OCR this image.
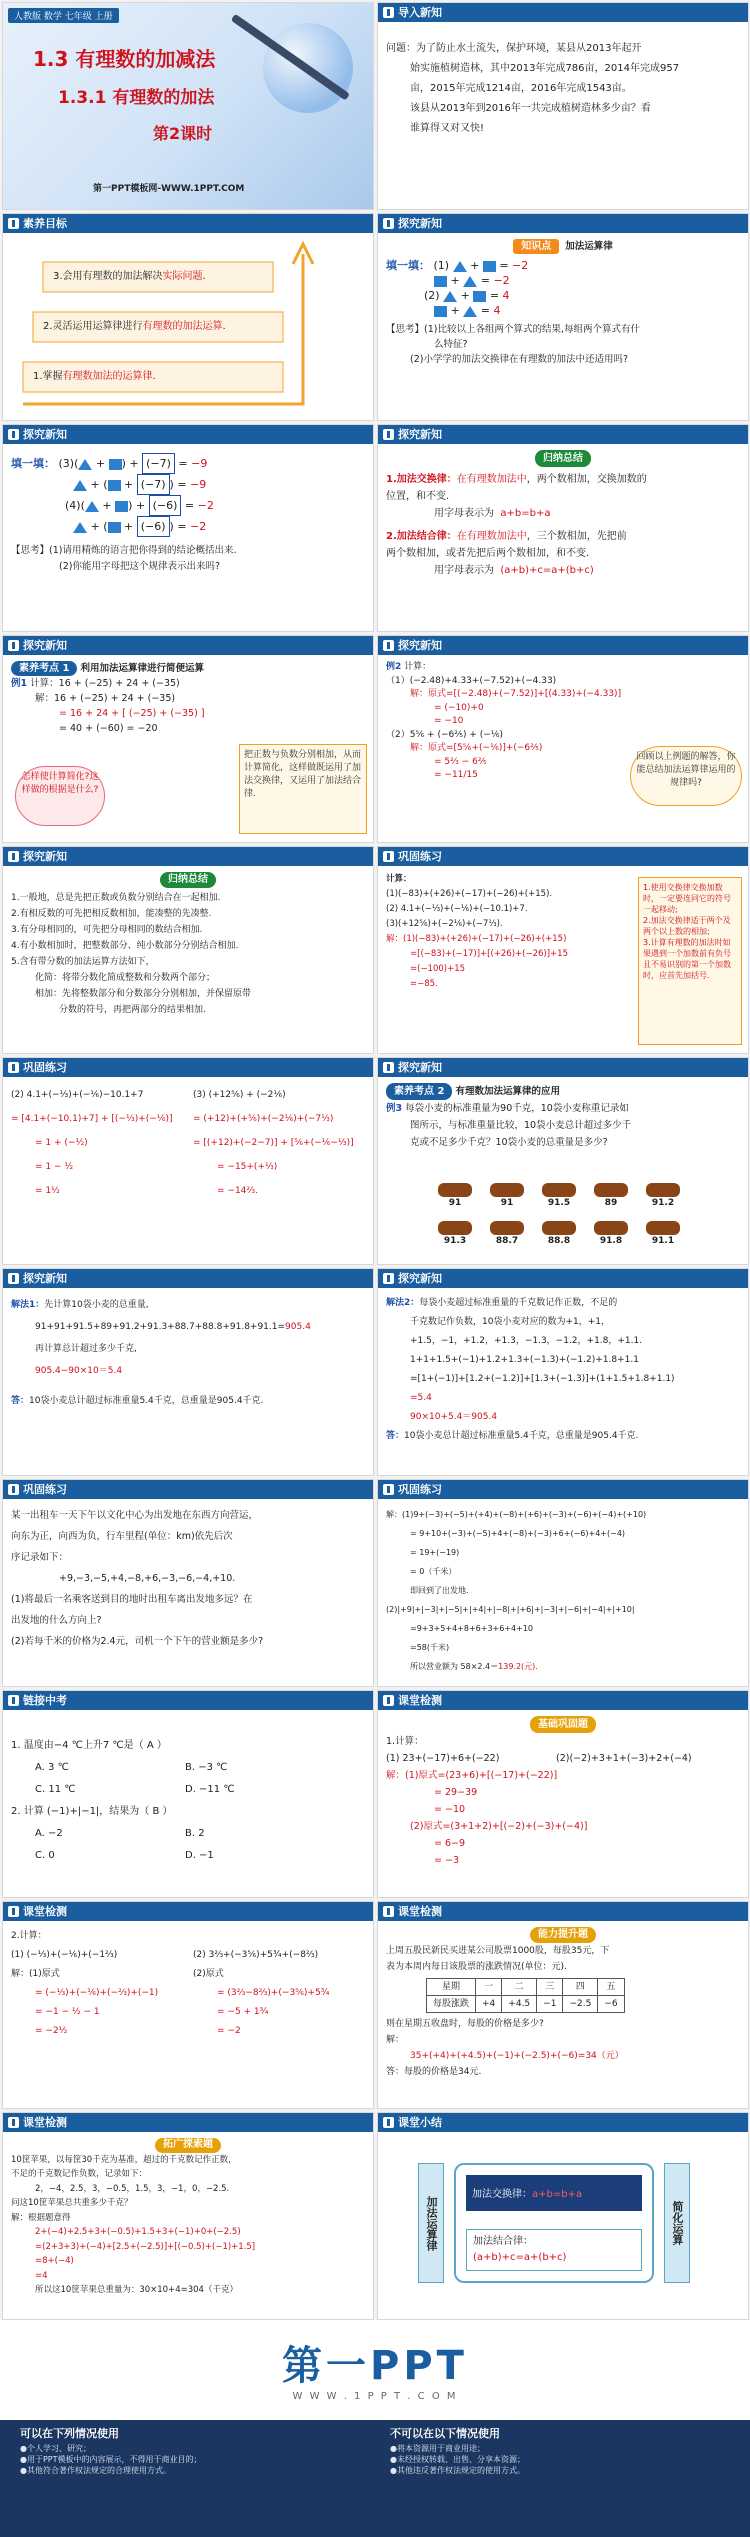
人教版 数学 七年级 上册
1.3 有理数的加减法
1.3.1 有理数的加法
第2课时
第一PPT模板网-WWW.1PPT.COM
导入新知
问题：为了防止水土流失，保护环境，某县从2013年起开
始实施植树造林，其中2013年完成786亩，2014年完成957
亩，2015年完成1214亩，2016年完成1543亩。
该县从2013年到2016年一共完成植树造林多少亩？看
谁算得又对又快!
素养目标
3.会用有理数的加法解决实际问题.
2.灵活运用运算律进行有理数的加法运算.
1.掌握有理数加法的运算律.
探究新知
知识点 加法运算律
填一填： (1) + = −2
+ = −2
(2) + = 4
+ = 4
【思考】(1)比较以上各组两个算式的结果,每组两个算式有什
么特征?
(2)小学学的加法交换律在有理数的加法中还适用吗?
探究新知
填一填： (3)( + ) + (−7) = −9
+ ( + (−7) ) = −9
(4)( + ) + (−6) = −2
+ ( + (−6) ) = −2
【思考】(1)请用精炼的语言把你得到的结论概括出来.
(2)你能用字母把这个规律表示出来吗?
探究新知
归纳总结
1.加法交换律：在有理数加法中，两个数相加，交换加数的
位置，和不变.
用字母表示为 a+b=b+a
2.加法结合律：在有理数加法中，三个数相加，先把前
两个数相加，或者先把后两个数相加，和不变.
用字母表示为 (a+b)+c=a+(b+c)
探究新知
素养考点 1 利用加法运算律进行简便运算
例1 计算：16 + (−25) + 24 + (−35)
解：16 + (−25) + 24 + (−35)
= 16 + 24 + [ (−25) + (−35) ]
= 40 + (−60) = −20
怎样使计算简化?这样做的根据是什么?
把正数与负数分别相加，从而计算简化，这样做既运用了加法交换律，又运用了加法结合律.
探究新知
例2 计算：
（1）(−2.48)+4.33+(−7.52)+(−4.33)
解：原式=[(−2.48)+(−7.52)]+[(4.33)+(−4.33)]
= (−10)+0
= −10
（2）5⅚ + (−6⅖) + (−⅙)
解：原式=[5⅚+(−⅙)]+(−6⅖)
= 5⅔ − 6⅖
= −11/15
回顾以上例题的解答，你能总结加法运算律运用的规律吗?
探究新知
归纳总结
1.一般地，总是先把正数或负数分别结合在一起相加.
2.有相反数的可先把相反数相加，能凑整的先凑整.
3.有分母相同的，可先把分母相同的数结合相加.
4.有小数相加时，把整数部分、纯小数部分分别结合相加.
5.含有带分数的加法运算方法如下，
化简：将带分数化简成整数和分数两个部分；
相加：先将整数部分和分数部分分别相加，并保留原带
分数的符号，再把两部分的结果相加.
巩固练习
计算：
(1)(−83)+(+26)+(−17)+(−26)+(+15).
(2) 4.1+(−⅓)+(−⅙)+(−10.1)+7.
(3)(+12⅚)+(−2⅙)+(−7⅓).
解：(1)(−83)+(+26)+(−17)+(−26)+(+15)
=[(−83)+(−17)]+[(+26)+(−26)]+15
=(−100)+15
=−85.
1.使用交换律交换加数时，一定要连同它的符号一起移动;
2.加法交换律适于两个及两个以上数的相加;
3.计算有理数的加法时如果遇到一个加数前有负号且不易识别的第一个加数时，应首先加括号.
巩固练习
(2) 4.1+(−⅓)+(−⅙)−10.1+7
= [4.1+(−10.1)+7] + [(−⅓)+(−⅙)]
= 1 + (−½)
= 1 − ½
= 1½
(3) (+12⅚) + (−2⅙)
= (+12)+(+⅚)+(−2⅙)+(−7⅓)
= [(+12)+(−2−7)] + [⅚+(−⅙−⅓)]
= −15+(+⅓)
= −14⅔.
探究新知
素养考点 2 有理数加法运算律的应用
例3 每袋小麦的标准重量为90千克，10袋小麦称重记录如
图所示，与标准重量比较，10袋小麦总计超过多少千
克或不足多少千克？10袋小麦的总重量是多少?
91	91	91.5	89	91.2
91.3	88.7	88.8	91.8	91.1
探究新知
解法1：先计算10袋小麦的总重量,
91+91+91.5+89+91.2+91.3+88.7+88.8+91.8+91.1=905.4
再计算总计超过多少千克,
905.4−90×10＝5.4
答：10袋小麦总计超过标准重量5.4千克，总重量是905.4千克.
探究新知
解法2：每袋小麦超过标准重量的千克数记作正数，不足的
千克数记作负数，10袋小麦对应的数为+1，+1，
+1.5，−1，+1.2，+1.3，−1.3，−1.2，+1.8，+1.1.
1+1+1.5+(−1)+1.2+1.3+(−1.3)+(−1.2)+1.8+1.1
=[1+(−1)]+[1.2+(−1.2)]+[1.3+(−1.3)]+(1+1.5+1.8+1.1)
=5.4
90×10+5.4＝905.4
答：10袋小麦总计超过标准重量5.4千克，总重量是905.4千克.
巩固练习
某一出租车一天下午以文化中心为出发地在东西方向营运，
向东为正，向西为负，行车里程(单位：km)依先后次
序记录如下：
+9,−3,−5,+4,−8,+6,−3,−6,−4,+10.
(1)将最后一名乘客送到目的地时出租车离出发地多远？在
出发地的什么方向上?
(2)若每千米的价格为2.4元，司机一个下午的营业额是多少?
巩固练习
解：(1)9+(−3)+(−5)+(+4)+(−8)+(+6)+(−3)+(−6)+(−4)+(+10)
= 9+10+(−3)+(−5)+4+(−8)+(−3)+6+(−6)+4+(−4)
= 19+(−19)
= 0（千米）
即回到了出发地.
(2)|+9|+|−3|+|−5|+|+4|+|−8|+|+6|+|−3|+|−6|+|−4|+|+10|
=9+3+5+4+8+6+3+6+4+10
=58(千米)
所以营业额为 58×2.4＝139.2(元).
链接中考
1. 温度由−4 ℃上升7 ℃是（ A ）
A. 3 ℃	B. −3 ℃
C. 11 ℃	D. −11 ℃
2. 计算 (−1)+|−1|，结果为（ B ）
A. −2	B. 2
C. 0	D. −1
课堂检测
基础巩固题
1.计算：
(1) 23+(−17)+6+(−22)	(2)(−2)+3+1+(−3)+2+(−4)
解：(1)原式=(23+6)+[(−17)+(−22)]
= 29−39
= −10
(2)原式=(3+1+2)+[(−2)+(−3)+(−4)]
= 6−9
= −3
课堂检测
2.计算：
(1) (−⅓)+(−⅙)+(−1⅔)
解：(1)原式
= (−⅓)+(−⅙)+(−⅔)+(−1)
= −1 − ½ − 1
= −2½
(2) 3⅔+(−3⅚)+5¾+(−8⅔)
(2)原式
= (3⅔−8⅔)+(−3⅚)+5¾
= −5 + 1¾
= −2
课堂检测
能力提升题
上周五股民新民买进某公司股票1000股，每股35元，下
表为本周内每日该股票的涨跌情况(单位：元).
星期	一	二	三	四	五
每股涨跌	+4	+4.5	−1	−2.5	−6
则在星期五收盘时，每股的价格是多少?
解：
35+(+4)+(+4.5)+(−1)+(−2.5)+(−6)=34（元）
答：每股的价格是34元.
课堂检测
拓广探索题
10筐苹果，以每筐30千克为基准，超过的千克数记作正数，
不足的千克数记作负数，记录如下：
2，−4，2.5，3，−0.5，1.5，3，−1，0，−2.5.
问这10筐苹果总共重多少千克？
解：根据题意得
2+(−4)+2.5+3+(−0.5)+1.5+3+(−1)+0+(−2.5)
=(2+3+3)+(−4)+[2.5+(−2.5)]+[(−0.5)+(−1)+1.5]
=8+(−4)
=4
所以这10筐苹果总重量为：30×10+4=304（千克）
课堂小结
加法运算律
加法交换律：a+b=b+a
加法结合律：
(a+b)+c=a+(b+c)
简化运算
第一PPT
W W W . 1 P P T . C O M
可以在下列情况使用
●个人学习、研究；
●用于PPT模板中的内容展示，不得用于商业目的；
●其他符合著作权法规定的合理使用方式。
不可以在以下情况使用
●将本资源用于商业用途；
●未经授权转载、出售、分享本资源；
●其他违反著作权法规定的使用方式。
